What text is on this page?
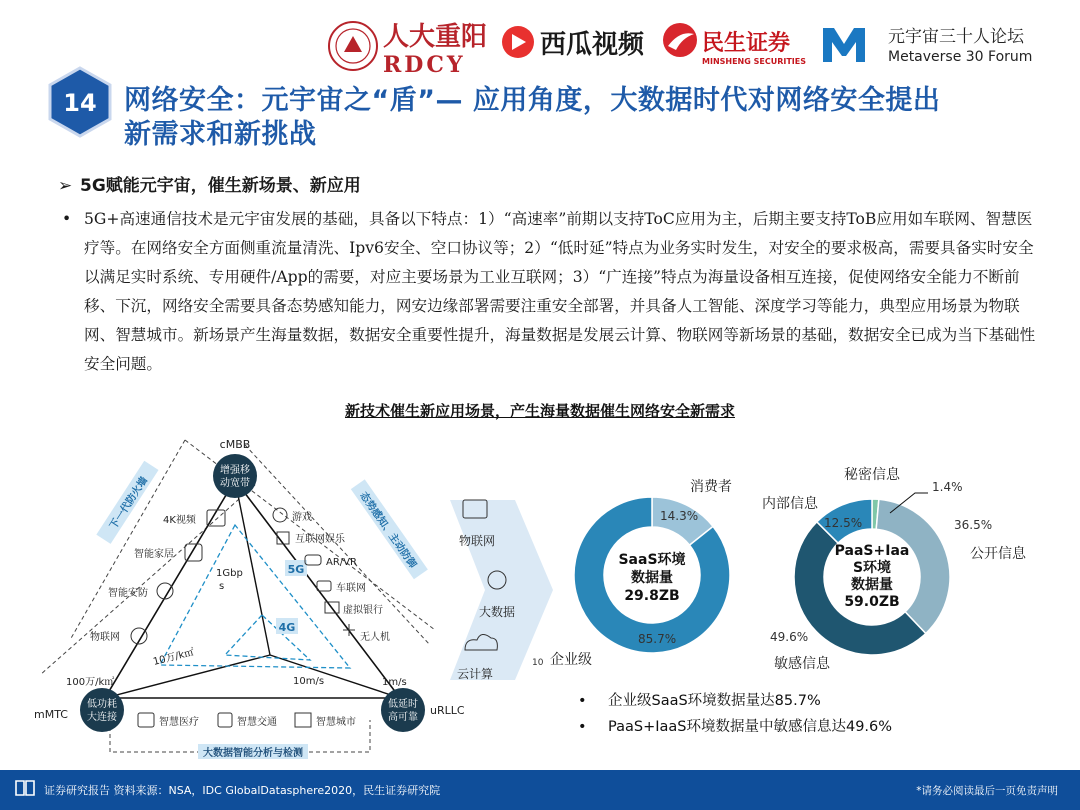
人大重阳
RDCY
西瓜视频	民生证券
MINSHENG SECURITIES
元宇宙三十人论坛
Metaverse 30 Forum
14 网络安全：元宇宙之“盾”— 应用角度，大数据时代对网络安全提出
新需求和新挑战
➢ 5G赋能元宇宙，催生新场景、新应用
• 5G+高速通信技术是元宇宙发展的基础，具备以下特点：1）“高速率”前期以支持ToC应用为主，后期主要支持ToB应用如车联网、智慧医疗等。在网络安全方面侧重流量清洗、Ipv6安全、空口协议等；2）“低时延”特点为业务实时发生，对安全的要求极高，需要具备实时安全以满足实时系统、专用硬件/App的需要，对应主要场景为工业互联网；3）“广连接”特点为海量设备相互连接，促使网络安全能力不断前移、下沉，网络安全需要具备态势感知能力，网安边缘部署需要注重安全部署，并具备人工智能、深度学习等能力，典型应用场景为物联网、智慧城市。新场景产生海量数据，数据安全重要性提升，海量数据是发展云计算、物联网等新场景的基础，数据安全已成为当下基础性安全问题。
新技术催生新应用场景，产生海量数据催生网络安全新需求
5G
4G
cMBB
增强移
动宽带
低功耗
大连接
mMTC
低延时
高可靠
uRLLC
下一代防火墙	态势感知、主动防御
1Gbp
s
10万/k㎡
10m/s
100万/k㎡	1m/s
4K视频
智能家居
智能安防
物联网
游戏
互联网娱乐
AR/VR
车联网
虚拟银行
无人机
智慧医疗	智慧交通	智慧城市
大数据智能分析与检测
物联网
大数据
云计算
消费者
14.3%
85.7%
10 企业级
SaaS环境
数据量
29.8ZB
秘密信息
1.4%
内部信息
12.5%	36.5%
公开信息
49.6%
敏感信息
PaaS+Iaa
S环境
数据量
59.0ZB
• 企业级SaaS环境数据量达85.7%
• PaaS+IaaS环境数据量中敏感信息达49.6%
证券研究报告 资料来源：NSA，IDC GlobalDatasphere2020，民生证券研究院	*请务必阅读最后一页免责声明
